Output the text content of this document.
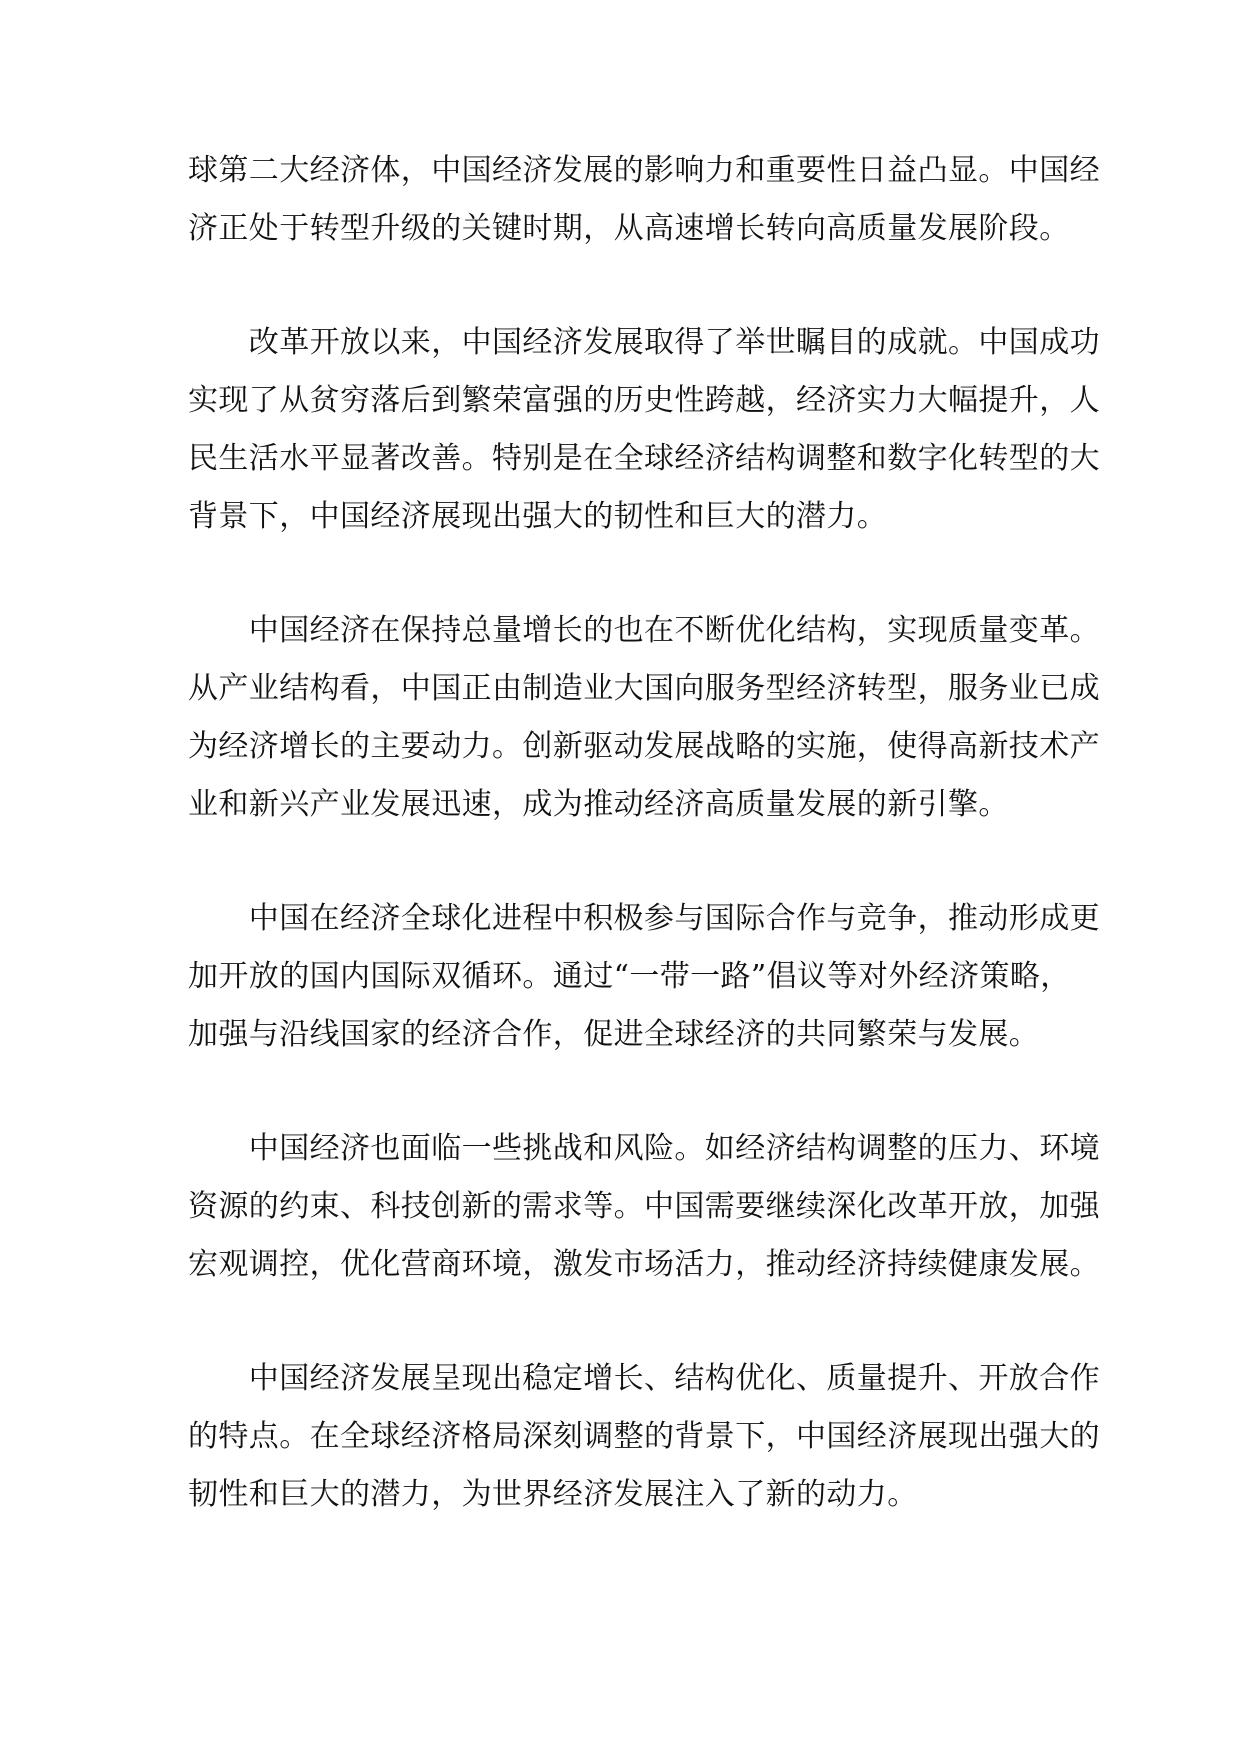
球第二大经济体，中国经济发展的影响力和重要性日益凸显。中国经
济正处于转型升级的关键时期，从高速增长转向高质量发展阶段。
　　改革开放以来，中国经济发展取得了举世瞩目的成就。中国成功
实现了从贫穷落后到繁荣富强的历史性跨越，经济实力大幅提升，人
民生活水平显著改善。特别是在全球经济结构调整和数字化转型的大
背景下，中国经济展现出强大的韧性和巨大的潜力。
　　中国经济在保持总量增长的也在不断优化结构，实现质量变革。
从产业结构看，中国正由制造业大国向服务型经济转型，服务业已成
为经济增长的主要动力。创新驱动发展战略的实施，使得高新技术产
业和新兴产业发展迅速，成为推动经济高质量发展的新引擎。
　　中国在经济全球化进程中积极参与国际合作与竞争，推动形成更
加开放的国内国际双循环。通过“一带一路”倡议等对外经济策略，
加强与沿线国家的经济合作，促进全球经济的共同繁荣与发展。
　　中国经济也面临一些挑战和风险。如经济结构调整的压力、环境
资源的约束、科技创新的需求等。中国需要继续深化改革开放，加强
宏观调控，优化营商环境，激发市场活力，推动经济持续健康发展。
　　中国经济发展呈现出稳定增长、结构优化、质量提升、开放合作
的特点。在全球经济格局深刻调整的背景下，中国经济展现出强大的
韧性和巨大的潜力，为世界经济发展注入了新的动力。
